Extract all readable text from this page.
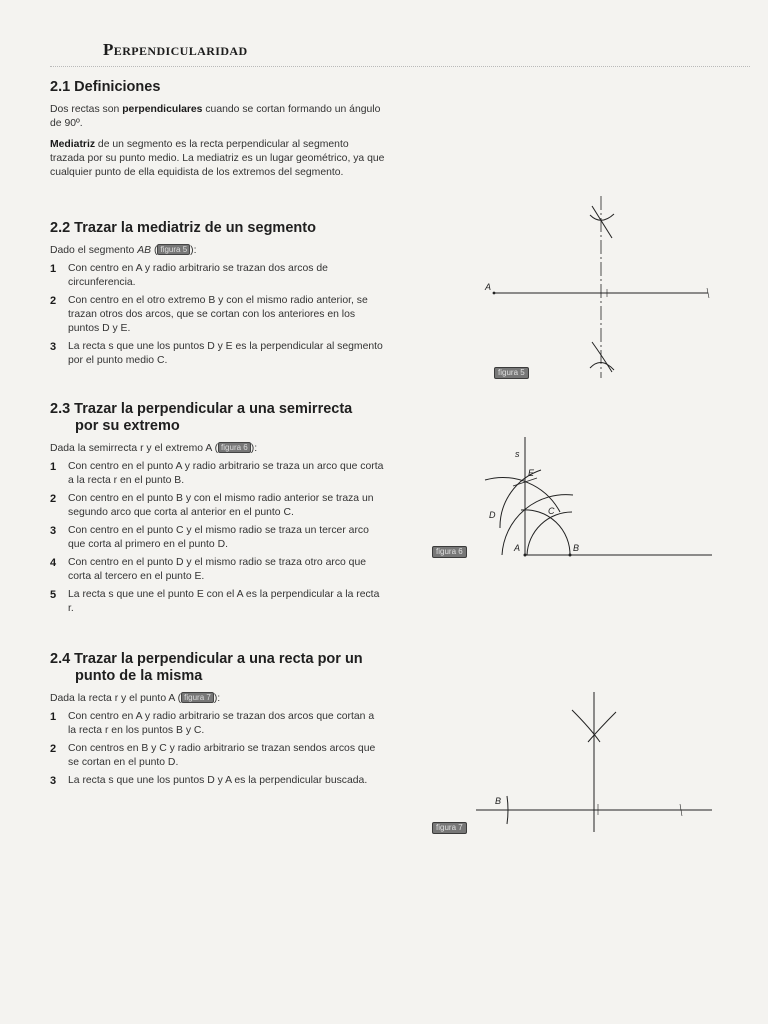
Perpendicularidad
2.1 Definiciones

Dos rectas son perpendiculares cuando se cortan formando un ángulo de 90º.

Mediatriz de un segmento es la recta perpendicular al segmento trazada por su punto medio. La mediatriz es un lugar geométrico, ya que cualquier punto de ella equidista de los extremos del segmento.

2.2 Trazar la mediatriz de un segmento

Dado el segmento AB ( figura 5 ):

1 Con centro en A y radio arbitrario se trazan dos arcos de circunferencia.
2 Con centro en el otro extremo B y con el mismo radio anterior, se trazan otros dos arcos, que se cortan con los anteriores en los puntos D y E.
3 La recta s que une los puntos D y E es la perpendicular al segmento por el punto medio C.
2.3 Trazar la perpendicular a una semirrecta
por su extremo

Dada la semirrecta r y el extremo A ( figura 6 ):

1 Con centro en el punto A y radio arbitrario se traza un arco que corta a la recta r en el punto B.
2 Con centro en el punto B y con el mismo radio anterior se traza un segundo arco que corta al anterior en el punto C.
3 Con centro en el punto C y el mismo radio se traza un tercer arco que corta al primero en el punto D.
4 Con centro en el punto D y el mismo radio se traza otro arco que corta al tercero en el punto E.
5 La recta s que une el punto E con el A es la perpendicular a la recta r.
2.4 Trazar la perpendicular a una recta por un
punto de la misma

Dada la recta r y el punto A ( figura 7 ):

1 Con centro en A y radio arbitrario se trazan dos arcos que cortan a la recta r en los puntos B y C.
2 Con centros en B y C y radio arbitrario se trazan sendos arcos que se cortan en el punto D.
3 La recta s que une los puntos D y A es la perpendicular buscada.
A
figura 5
s
E
D	C
A	B
figura 6
B
figura 7
